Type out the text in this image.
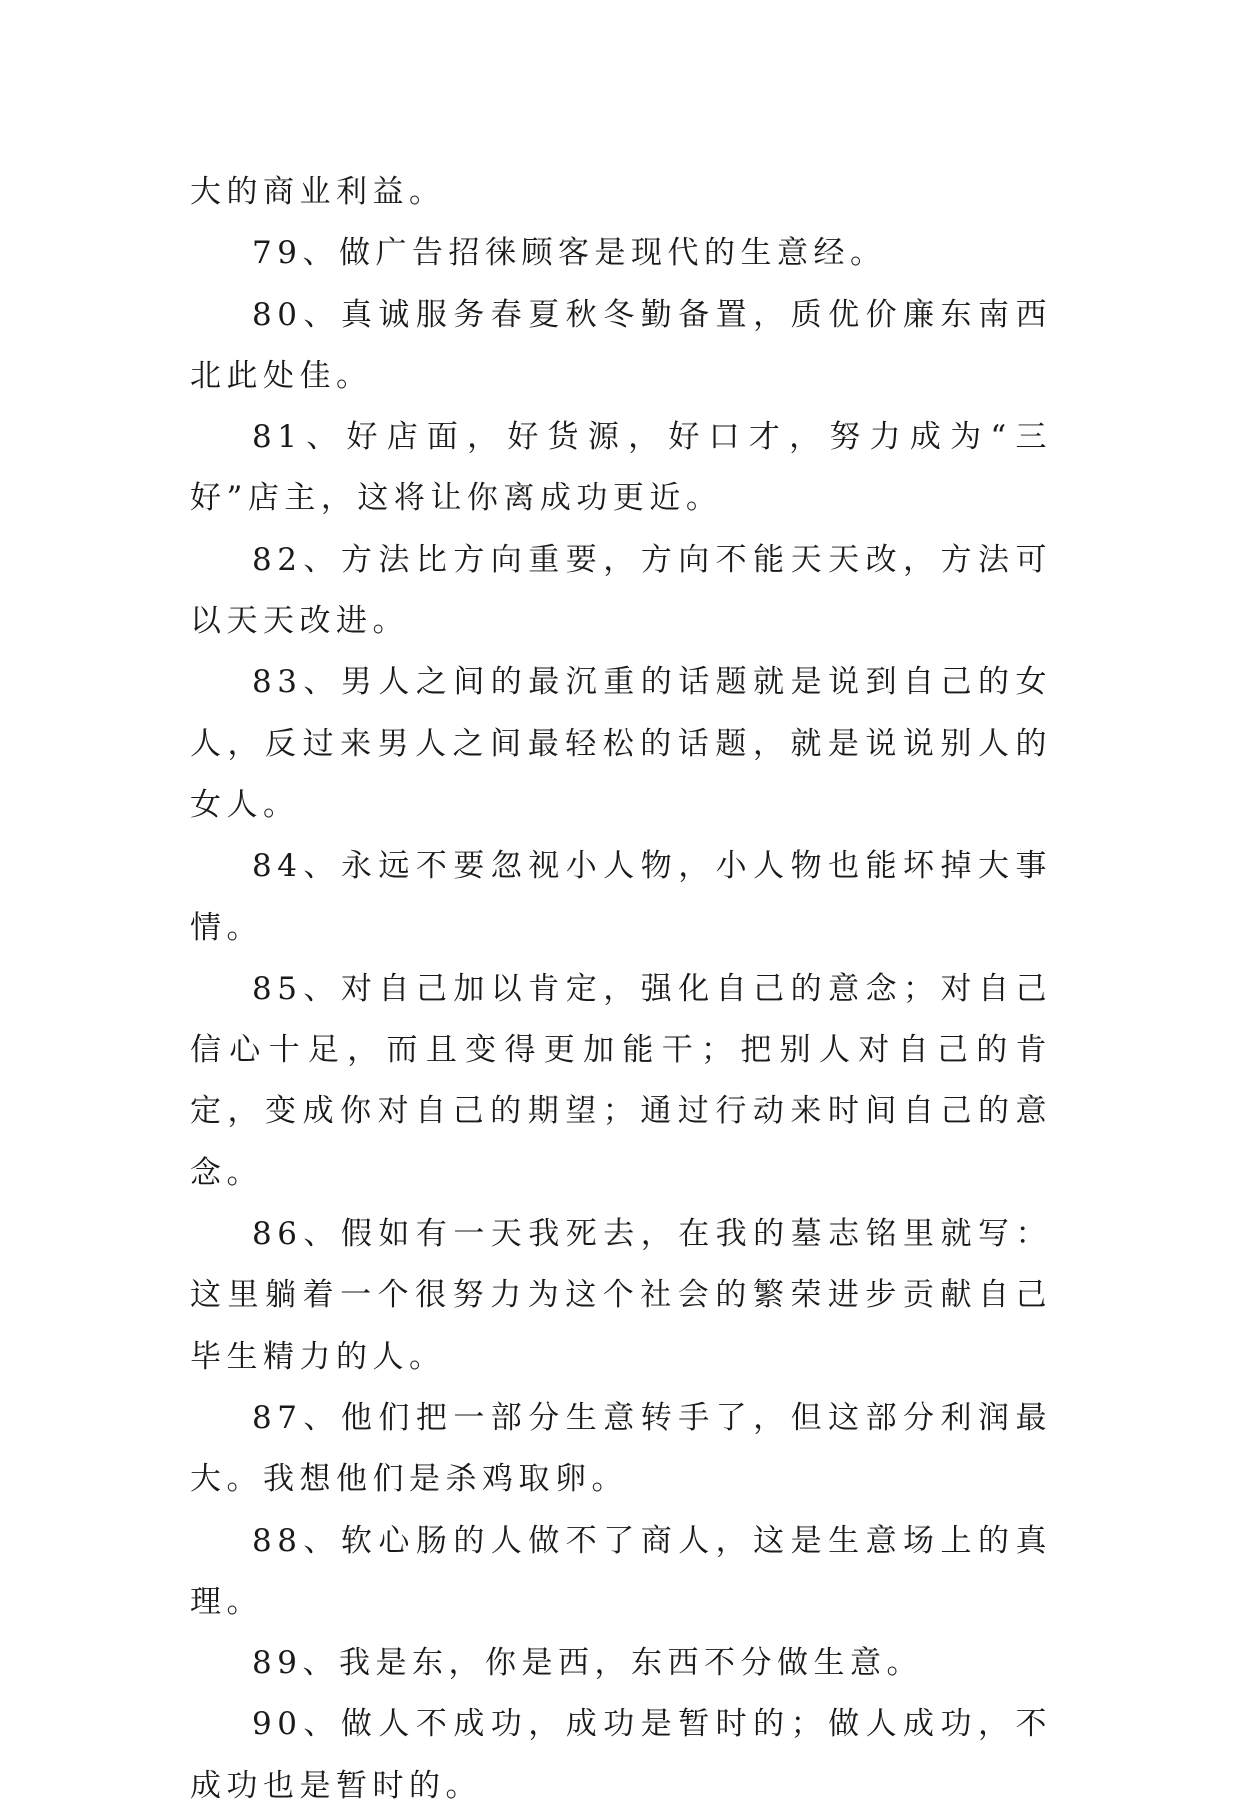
大的商业利益。

79、做广告招徕顾客是现代的生意经。

80、真诚服务春夏秋冬勤备置，质优价廉东南西北此处佳。

81、好店面，好货源，好口才，努力成为“三好”店主，这将让你离成功更近。

82、方法比方向重要，方向不能天天改，方法可以天天改进。

83、男人之间的最沉重的话题就是说到自己的女人，反过来男人之间最轻松的话题，就是说说别人的女人。

84、永远不要忽视小人物，小人物也能坏掉大事情。

85、对自己加以肯定，强化自己的意念；对自己信心十足，而且变得更加能干；把别人对自己的肯定，变成你对自己的期望；通过行动来时间自己的意念。

86、假如有一天我死去，在我的墓志铭里就写：这里躺着一个很努力为这个社会的繁荣进步贡献自己毕生精力的人。

87、他们把一部分生意转手了，但这部分利润最大。我想他们是杀鸡取卵。

88、软心肠的人做不了商人，这是生意场上的真理。

89、我是东，你是西，东西不分做生意。

90、做人不成功，成功是暂时的；做人成功，不成功也是暂时的。
